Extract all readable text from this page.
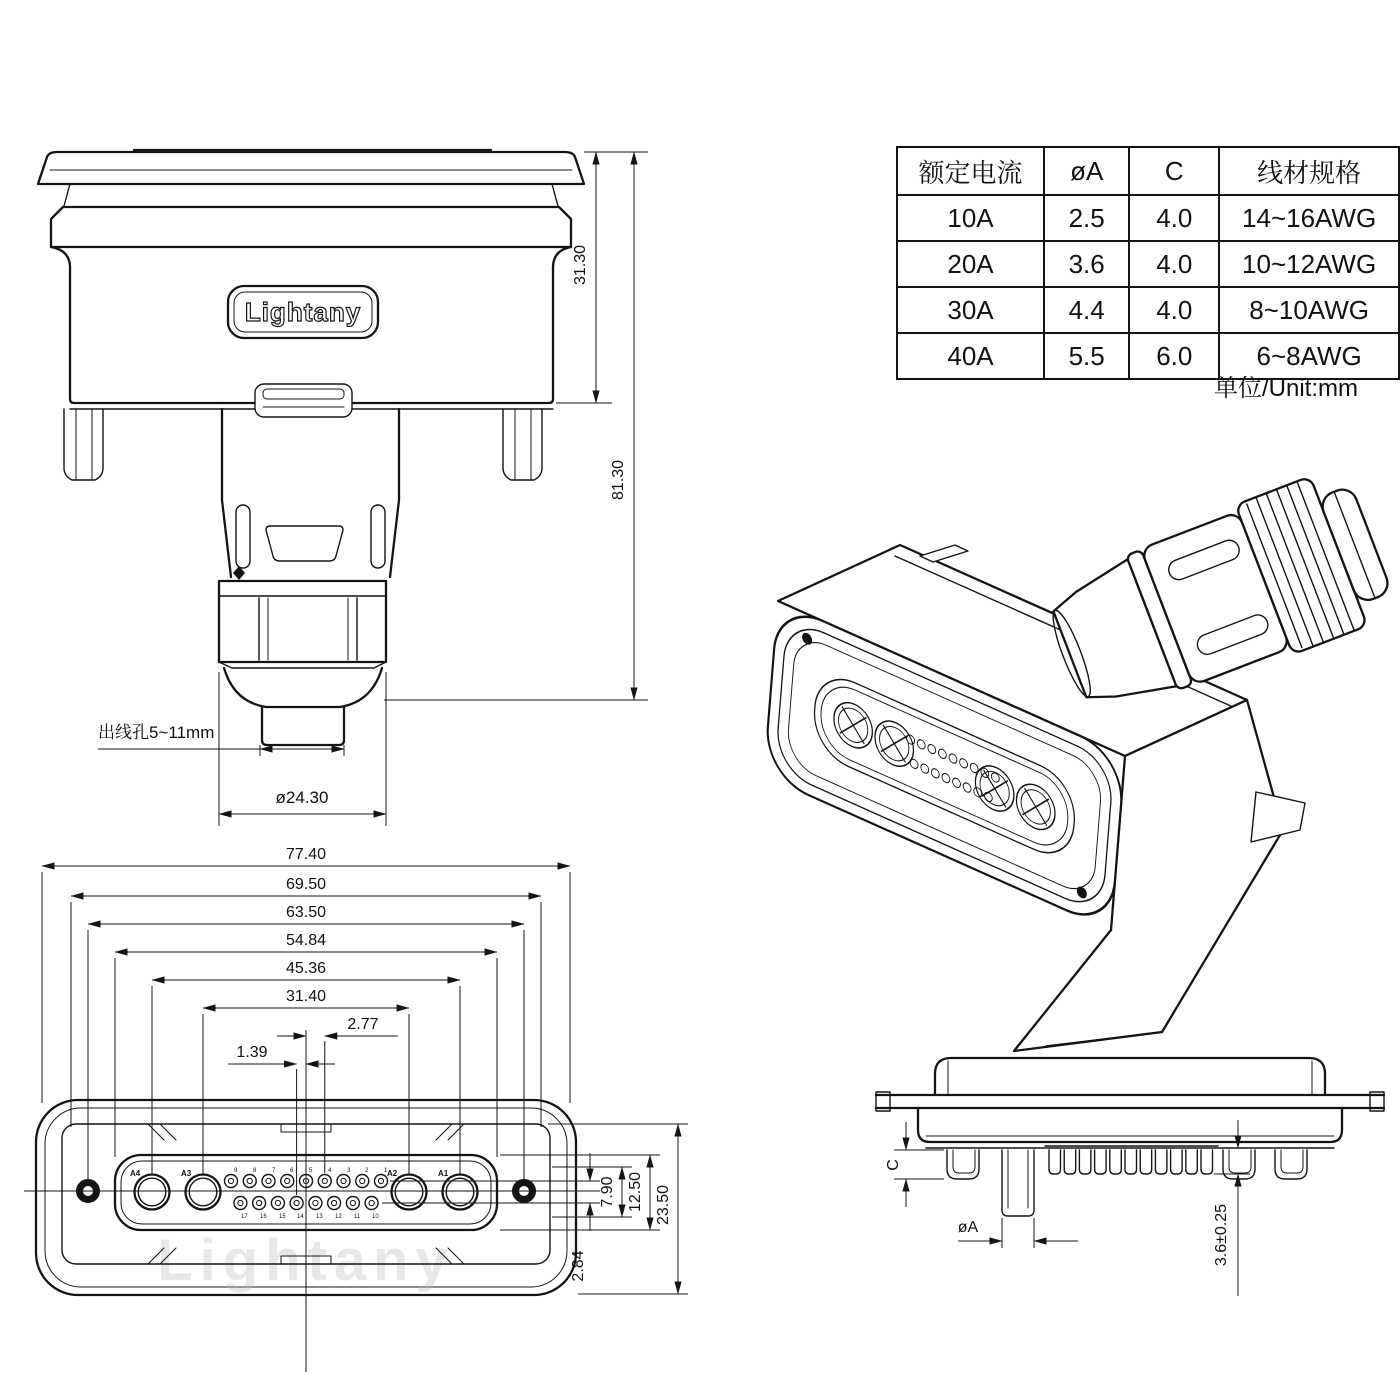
Lightany
31.30
81.30
出线孔5~11mm
ø24.30
Lightany
A4	A3	A2	A1
9	8	7 6	5	4	3 2	1
17 16 15 14 13 12 11 10
77.40
69.50
63.50
54.84
45.36
31.40
2.77
1.39
2.84
7.90 12.50 23.50
C
øA	3.6±0.25
额定电流	øA	C	线材规格
10A	2.5	4.0	14~16AWG
20A	3.6	4.0	10~12AWG
30A	4.4	4.0	8~10AWG
40A	5.5	6.0	6~8AWG
单位/Unit:mm
